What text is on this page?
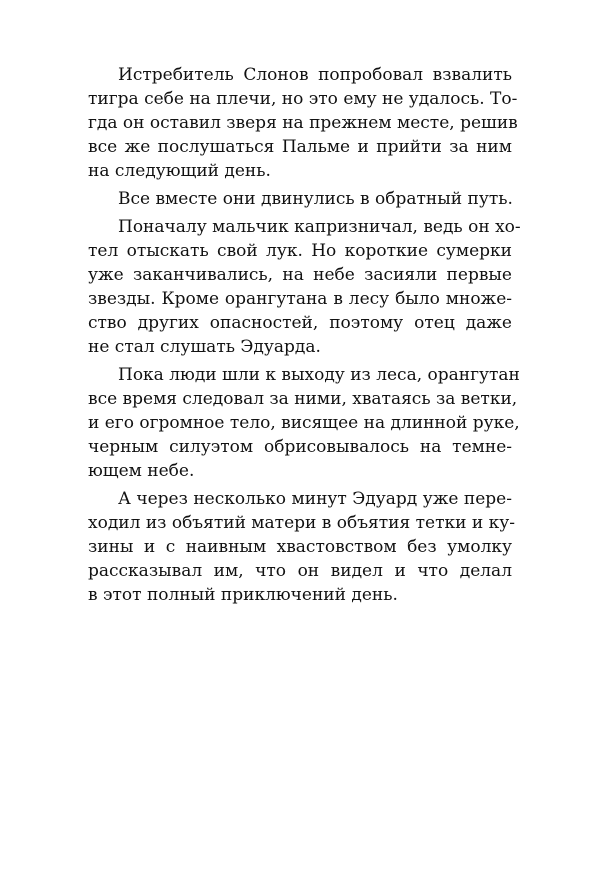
Истребитель Слонов попробовал взвалить
тигра себе на плечи, но это ему не удалось. То-
гда он оставил зверя на прежнем месте, решив
все же послушаться Пальме и прийти за ним
на следующий день.

Все вместе они двинулись в обратный путь.

Поначалу мальчик капризничал, ведь он хо-
тел отыскать свой лук. Но короткие сумерки
уже заканчивались, на небе засияли первые
звезды. Кроме орангутана в лесу было множе-
ство других опасностей, поэтому отец даже
не стал слушать Эдуарда.

Пока люди шли к выходу из леса, орангутан
все время следовал за ними, хватаясь за ветки,
и его огромное тело, висящее на длинной руке,
черным силуэтом обрисовывалось на темне-
ющем небе.

А через несколько минут Эдуард уже пере-
ходил из объятий матери в объятия тетки и ку-
зины и с наивным хвастовством без умолку
рассказывал им, что он видел и что делал
в этот полный приключений день.
